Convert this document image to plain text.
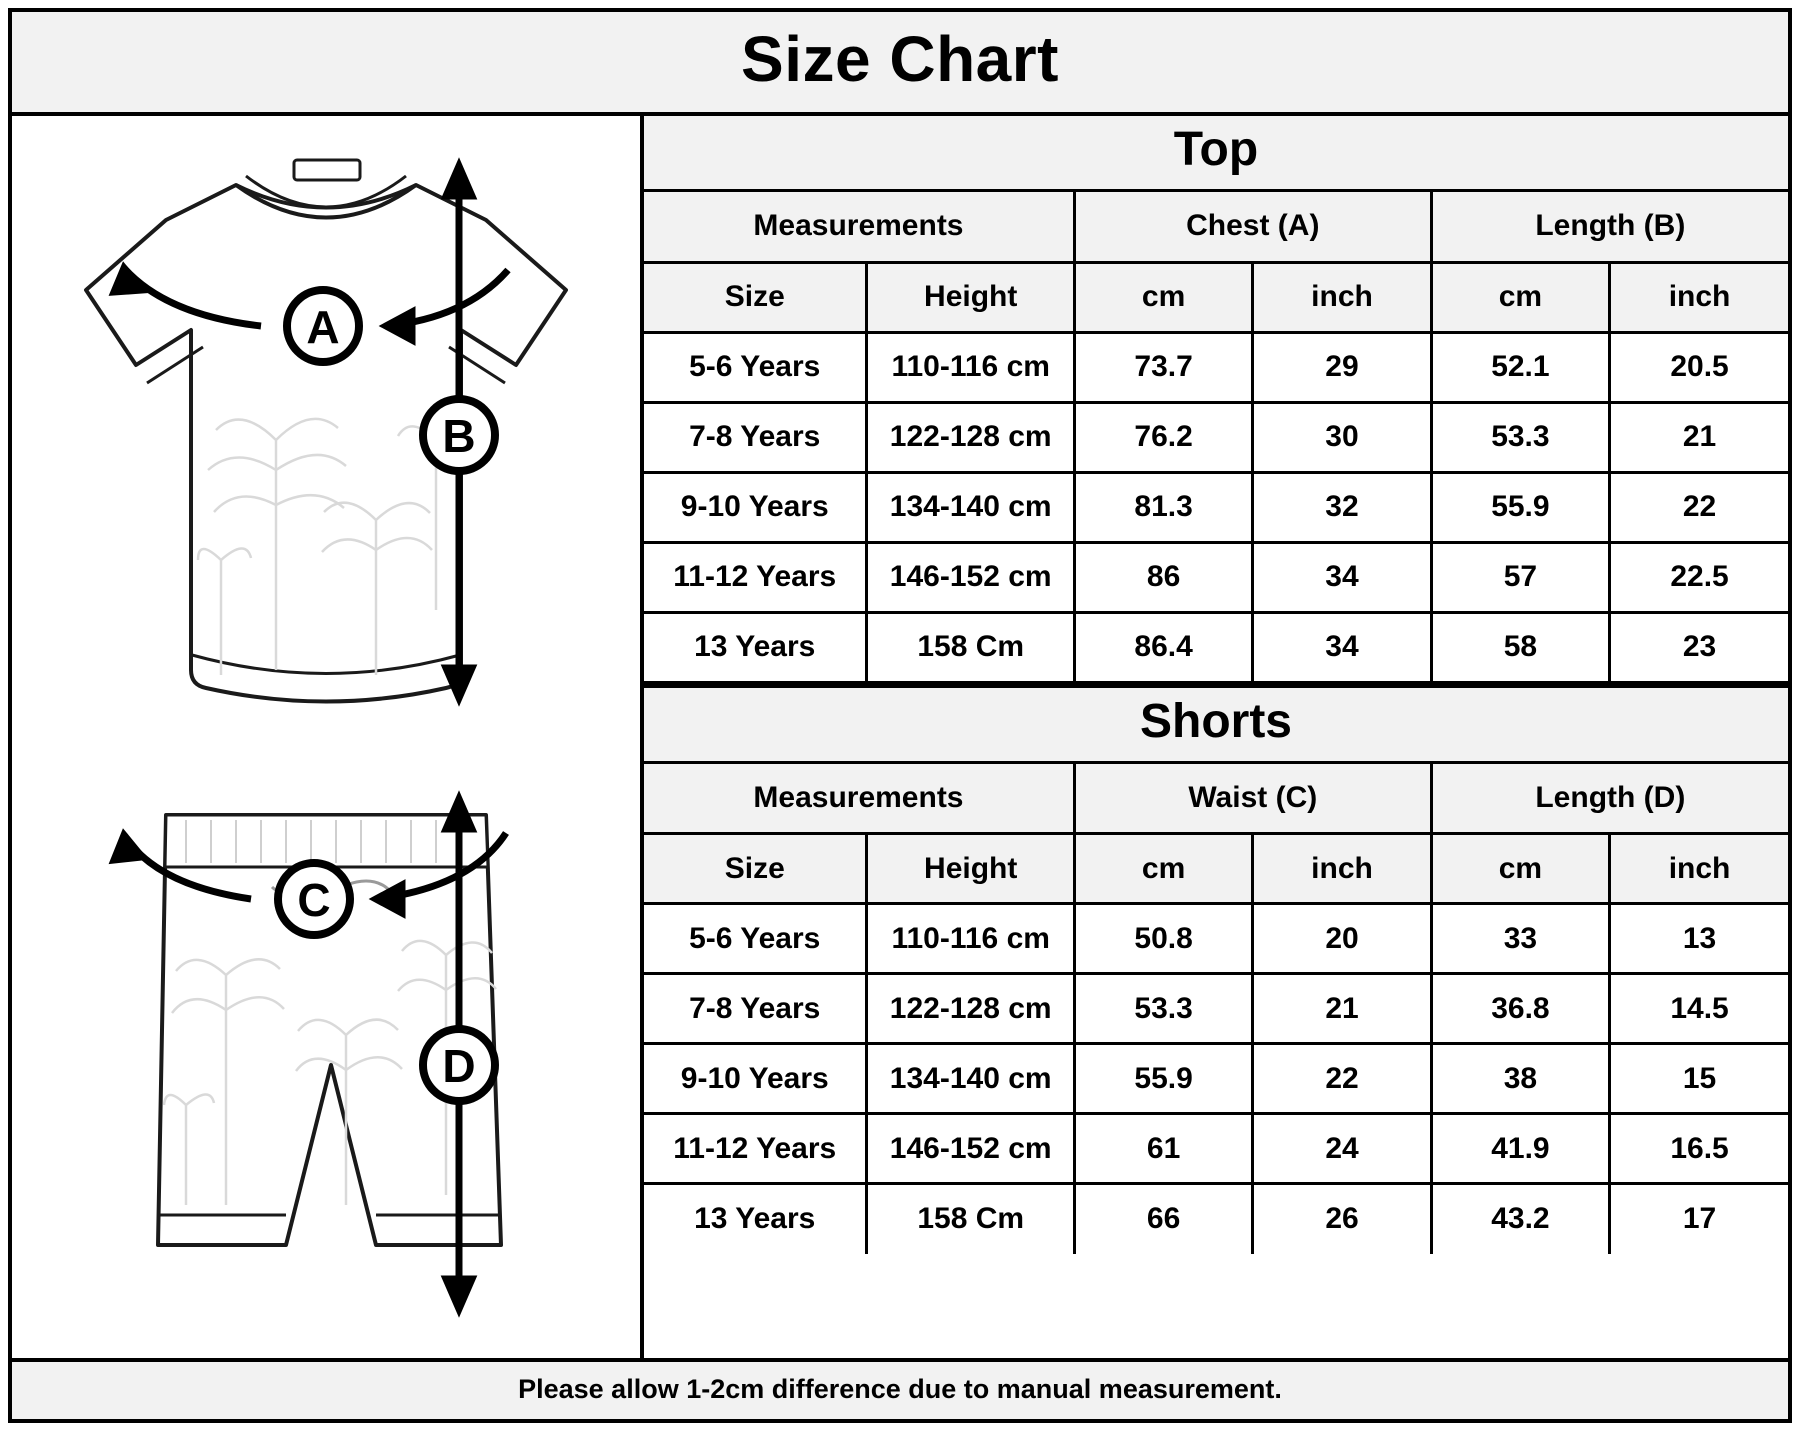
Size Chart
A
B
C
D
Top
Measurements		Chest (A)		Length (B)	
Size	Height	cm	inch	cm	inch
5-6 Years	110-116 cm	73.7	29	52.1	20.5
7-8 Years	122-128 cm	76.2	30	53.3	21
9-10 Years	134-140 cm	81.3	32	55.9	22
11-12 Years	146-152 cm	86	34	57	22.5
13 Years	158 Cm	86.4	34	58	23
Shorts
Measurements		Waist (C)		Length (D)	
Size	Height	cm	inch	cm	inch
5-6 Years	110-116 cm	50.8	20	33	13
7-8 Years	122-128 cm	53.3	21	36.8	14.5
9-10 Years	134-140 cm	55.9	22	38	15
11-12 Years	146-152 cm	61	24	41.9	16.5
13 Years	158 Cm	66	26	43.2	17
Please allow 1-2cm difference due to manual measurement.
